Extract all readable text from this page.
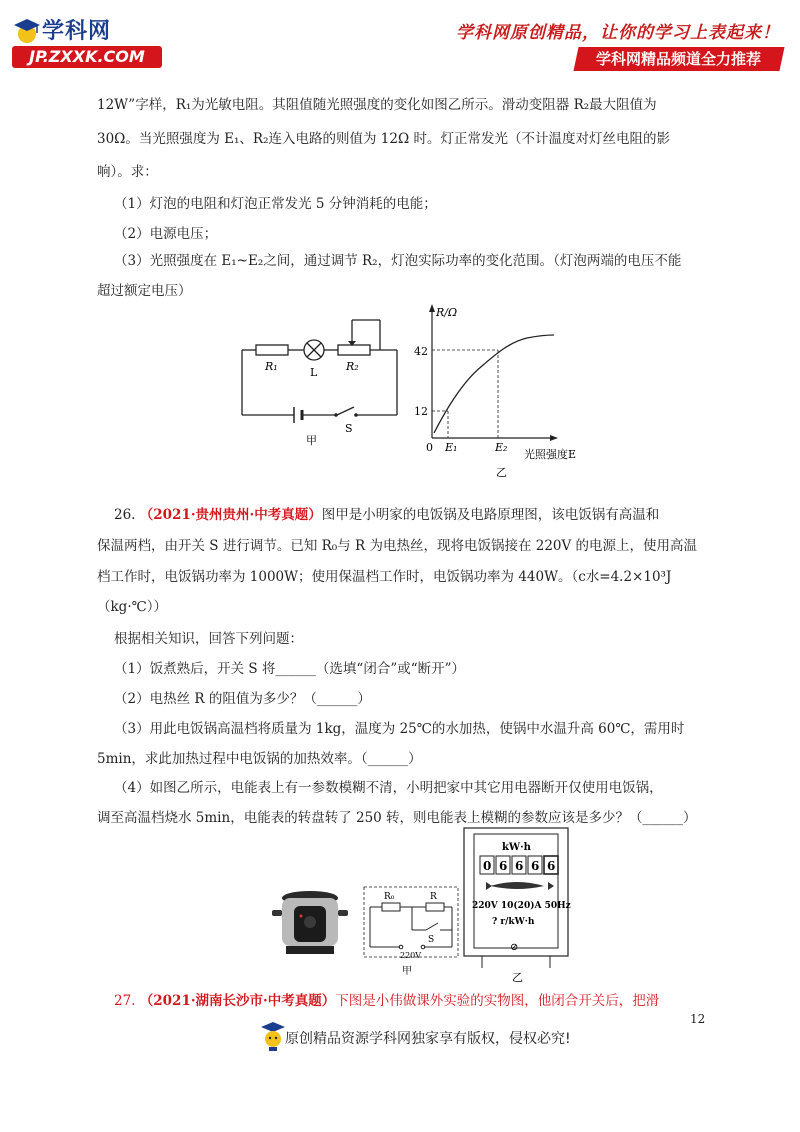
学科网
JP.ZXXK.COM
学科网原创精品，让你的学习上表起来！
学科网精品频道全力推荐
12W”字样，R₁为光敏电阻。其阻值随光照强度的变化如图乙所示。滑动变阻器 R₂最大阻值为
30Ω。当光照强度为 E₁、R₂连入电路的则值为 12Ω 时。灯正常发光（不计温度对灯丝电阻的影
响）。求：
（1）灯泡的电阻和灯泡正常发光 5 分钟消耗的电能；
（2）电源电压；
（3）光照强度在 E₁~E₂之间，通过调节 R₂，灯泡实际功率的变化范围。（灯泡两端的电压不能
超过额定电压）
R₁	L	R₂
S
甲
R/Ω
42
12
0 E₁	E₂
光照强度E
乙
26. （2021·贵州贵州·中考真题）图甲是小明家的电饭锅及电路原理图，该电饭锅有高温和
保温两档，由开关 S 进行调节。已知 R₀与 R 为电热丝，现将电饭锅接在 220V 的电源上，使用高温
档工作时，电饭锅功率为 1000W；使用保温档工作时，电饭锅功率为 440W。（c水=4.2×10³J
（kg·℃））
根据相关知识，回答下列问题：
（1）饭煮熟后，开关 S 将______（选填“闭合”或“断开”）
（2）电热丝 R 的阻值为多少？（______）
（3）用此电饭锅高温档将质量为 1kg，温度为 25℃的水加热，使锅中水温升高 60℃，需用时
5min，求此加热过程中电饭锅的加热效率。（______）
（4）如图乙所示，电能表上有一参数模糊不清，小明把家中其它用电器断开仅使用电饭锅，
调至高温档烧水 5min，电能表的转盘转了 250 转，则电能表上模糊的参数应该是多少？（______）
R₀	R
S
220V
甲
kW·h
0 6 6 6 6
220V 10(20)A 50Hz
? r/kW·h
⊘
乙
27. （2021·湖南长沙市·中考真题）下图是小伟做课外实验的实物图，他闭合开关后，把滑
12
原创精品资源学科网独家享有版权，侵权必究!
